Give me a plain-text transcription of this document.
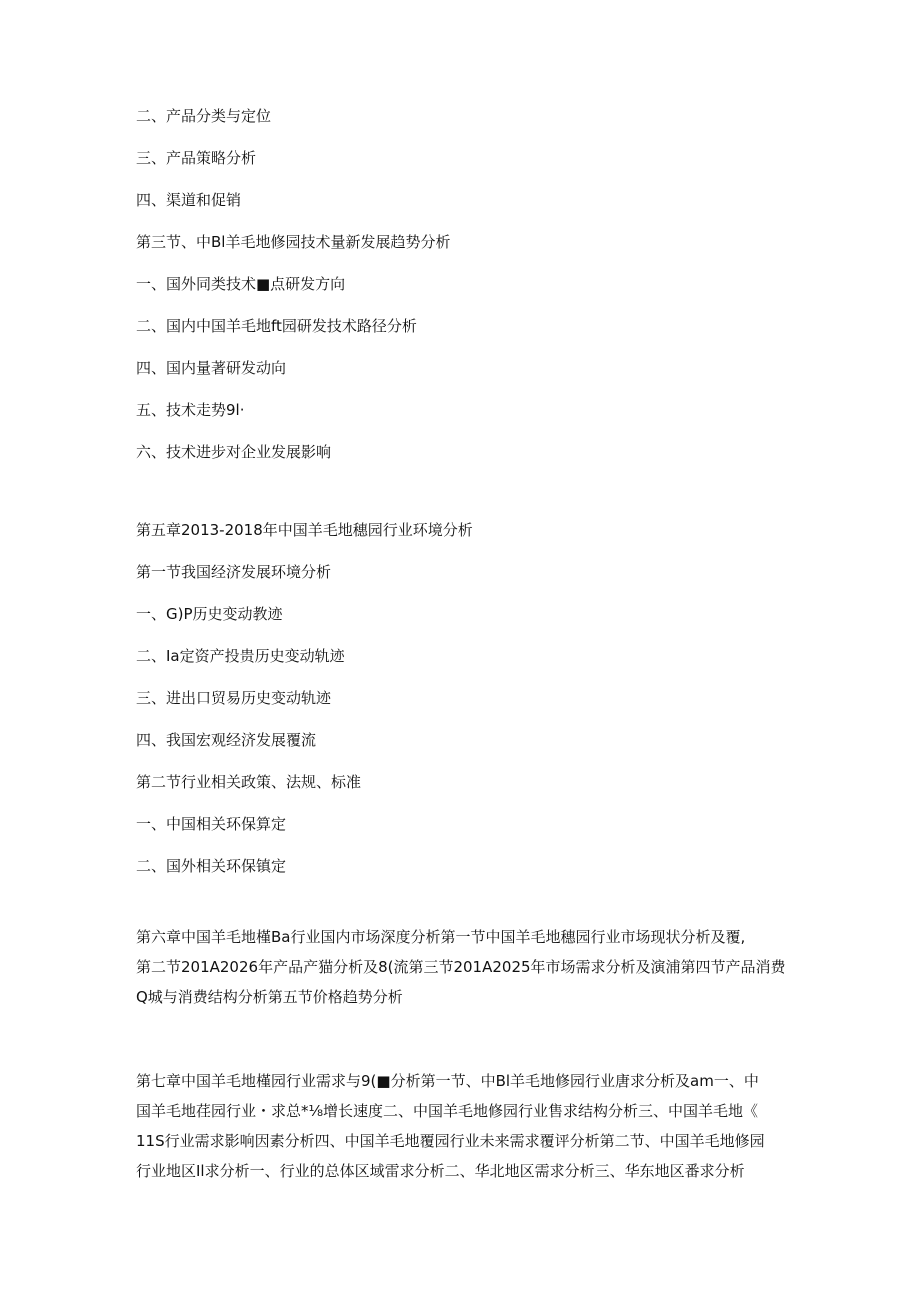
二、产品分类与定位

三、产品策略分析

四、渠道和促销

第三节、中Bl羊毛地修园技术量新发展趋势分析

一、国外同类技术■点研发方向

二、国内中国羊毛地ft园研发技术路径分析

四、国内量著研发动向

五、技术走势9l·

六、技术进步对企业发展影响

第五章2013-2018年中国羊毛地穗园行业环境分析

第一节我国经济发展环境分析

一、G)P历史变动教迹

二、Ia定资产投贵历史变动轨迹

三、进出口贸易历史变动轨迹

四、我国宏观经济发展覆流

第二节行业相关政策、法规、标准

一、中国相关环保算定

二、国外相关环保镇定

第六章中国羊毛地槿Ba行业国内市场深度分析第一节中国羊毛地穗园行业市场现状分析及覆,
第二节201A2026年产品产猫分析及8(流第三节201A2025年市场需求分析及演浦第四节产品消费
Q城与消费结构分析第五节价格趋势分析
第七章中国羊毛地槿园行业需求与9(■分析第一节、中Bl羊毛地修园行业唐求分析及am一、中
国羊毛地荏园行业・求总*⅛增长速度二、中国羊毛地修园行业售求结构分析三、中国羊毛地《
11S行业需求影响因素分析四、中国羊毛地覆园行业未来需求覆评分析第二节、中国羊毛地修园
行业地区Il求分析一、行业的总体区域雷求分析二、华北地区需求分析三、华东地区番求分析
